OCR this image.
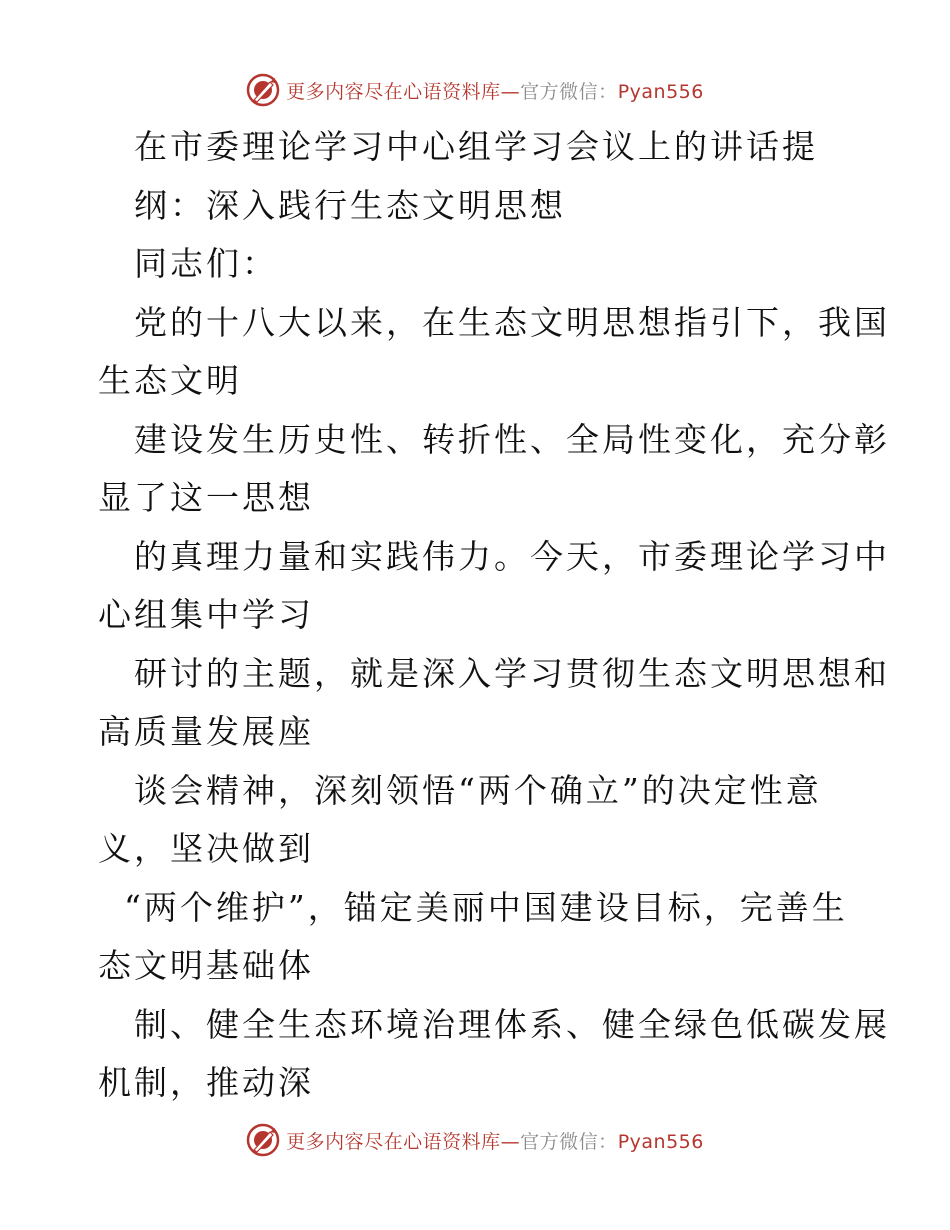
更多内容尽在心语资料库—官方微信：Pyan556
在市委理论学习中心组学习会议上的讲话提
纲：深入践行生态文明思想
同志们：
党的十八大以来，在生态文明思想指引下，我国
生态文明
建设发生历史性、转折性、全局性变化，充分彰
显了这一思想
的真理力量和实践伟力。今天，市委理论学习中
心组集中学习
研讨的主题，就是深入学习贯彻生态文明思想和
高质量发展座
谈会精神，深刻领悟“两个确立”的决定性意
义，坚决做到
“两个维护”，锚定美丽中国建设目标，完善生
态文明基础体
制、健全生态环境治理体系、健全绿色低碳发展
机制，推动深
更多内容尽在心语资料库—官方微信：Pyan556
